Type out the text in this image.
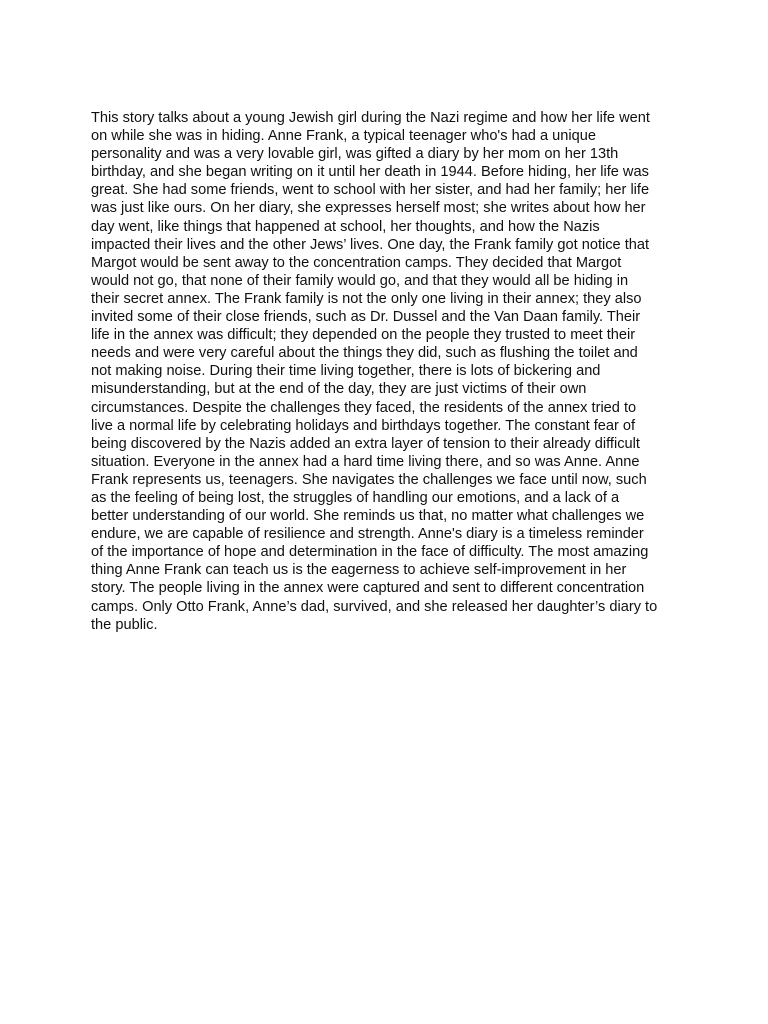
This story talks about a young Jewish girl during the Nazi regime and how her life went
on while she was in hiding. Anne Frank, a typical teenager who's had a unique
personality and was a very lovable girl, was gifted a diary by her mom on her 13th
birthday, and she began writing on it until her death in 1944. Before hiding, her life was
great. She had some friends, went to school with her sister, and had her family; her life
was just like ours. On her diary, she expresses herself most; she writes about how her
day went, like things that happened at school, her thoughts, and how the Nazis
impacted their lives and the other Jews’ lives. One day, the Frank family got notice that
Margot would be sent away to the concentration camps. They decided that Margot
would not go, that none of their family would go, and that they would all be hiding in
their secret annex. The Frank family is not the only one living in their annex; they also
invited some of their close friends, such as Dr. Dussel and the Van Daan family. Their
life in the annex was difficult; they depended on the people they trusted to meet their
needs and were very careful about the things they did, such as flushing the toilet and
not making noise. During their time living together, there is lots of bickering and
misunderstanding, but at the end of the day, they are just victims of their own
circumstances. Despite the challenges they faced, the residents of the annex tried to
live a normal life by celebrating holidays and birthdays together. The constant fear of
being discovered by the Nazis added an extra layer of tension to their already difficult
situation. Everyone in the annex had a hard time living there, and so was Anne. Anne
Frank represents us, teenagers. She navigates the challenges we face until now, such
as the feeling of being lost, the struggles of handling our emotions, and a lack of a
better understanding of our world. She reminds us that, no matter what challenges we
endure, we are capable of resilience and strength. Anne's diary is a timeless reminder
of the importance of hope and determination in the face of difficulty. The most amazing
thing Anne Frank can teach us is the eagerness to achieve self-improvement in her
story. The people living in the annex were captured and sent to different concentration
camps. Only Otto Frank, Anne’s dad, survived, and she released her daughter’s diary to
the public.
